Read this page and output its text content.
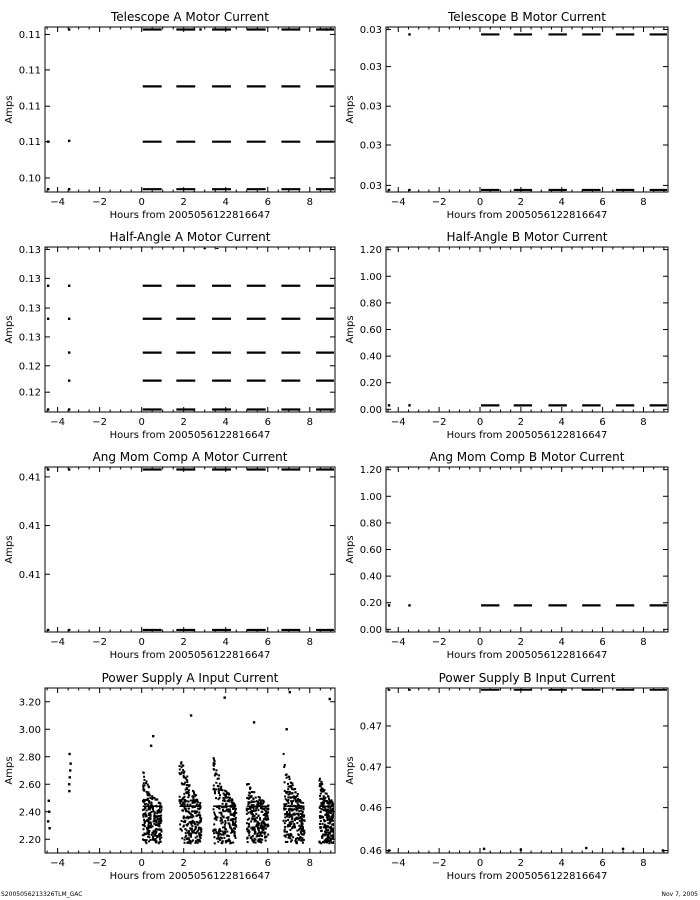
Telescope A Motor Current
−4	−2	0	2	4	6	8
0.10
0.11
0.11
0.11
0.11
Hours from 2005056122816647
Amps
Telescope B Motor Current
−4	−2	0	2	4	6	8
0.03
0.03
0.03
0.03
0.03
Hours from 2005056122816647
Amps
Half-Angle A Motor Current
−4	−2	0	2	4	6	8
0.12
0.12
0.13
0.13
0.13
0.13
Hours from 2005056122816647
Amps
Half-Angle B Motor Current
−4	−2	0	2	4	6	8
0.00
0.20
0.40
0.60
0.80
1.00
1.20
Hours from 2005056122816647
Amps
Ang Mom Comp A Motor Current
−4	−2	0	2	4	6	8
0.41
0.41
0.41
Hours from 2005056122816647
Amps
Ang Mom Comp B Motor Current
−4	−2	0	2	4	6	8
0.00
0.20
0.40
0.60
0.80
1.00
1.20
Hours from 2005056122816647
Amps
Power Supply A Input Current
−4	−2	0	2	4	6	8
2.20
2.40
2.60
2.80
3.00
3.20
Hours from 2005056122816647
Amps
Power Supply B Input Current
−4	−2	0	2	4	6	8
0.46
0.46
0.47
0.47
Hours from 2005056122816647
Amps
S2005056213326TLM_GAC	Nov 7, 2005
